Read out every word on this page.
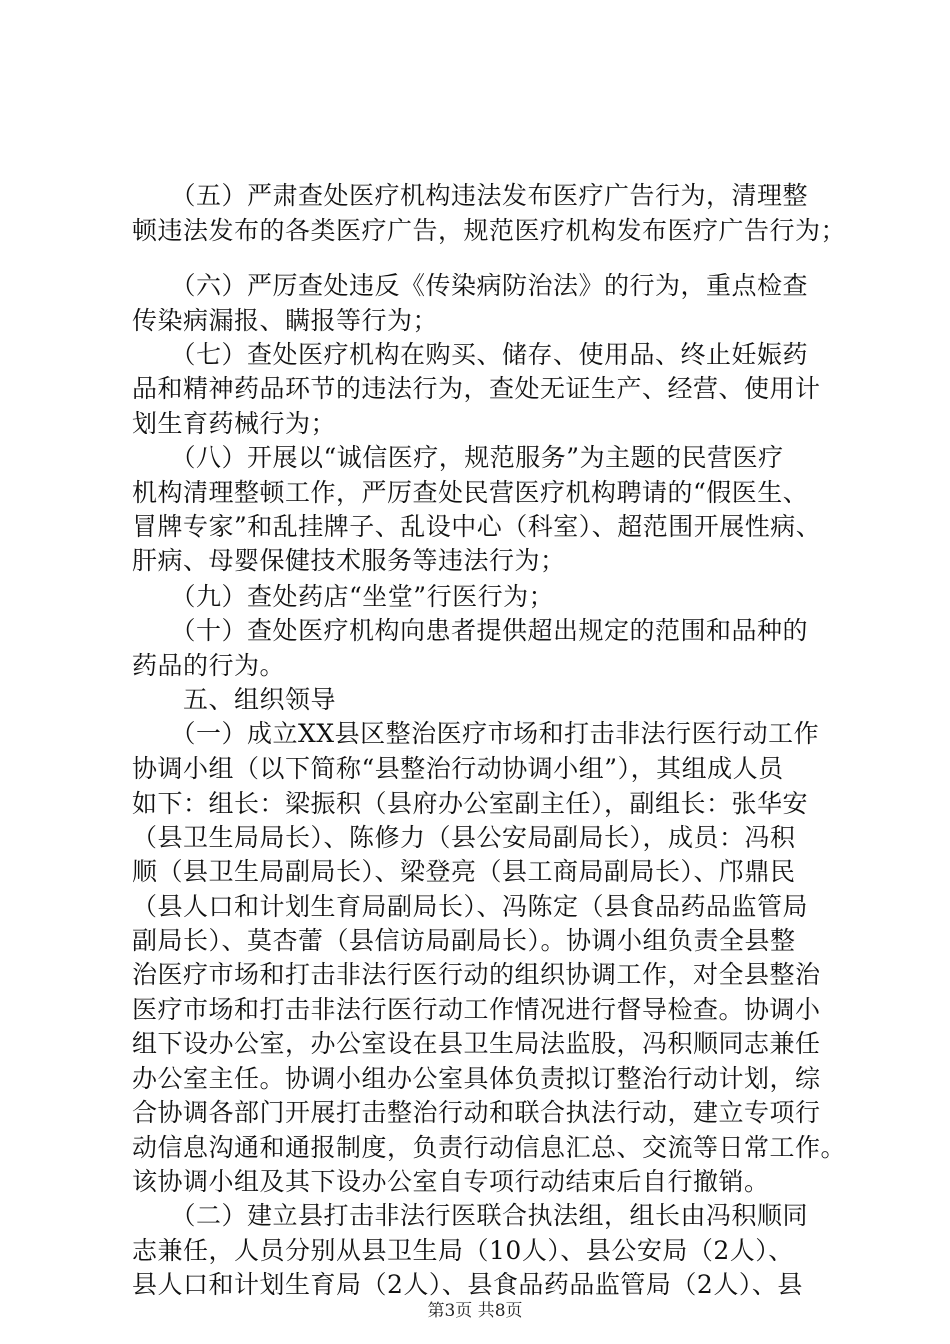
　　（五）严肃查处医疗机构违法发布医疗广告行为，清理整
顿违法发布的各类医疗广告，规范医疗机构发布医疗广告行为；
　　（六）严厉查处违反《传染病防治法》的行为，重点检查
传染病漏报、瞒报等行为；
　　（七）查处医疗机构在购买、储存、使用品、终止妊娠药
品和精神药品环节的违法行为，查处无证生产、经营、使用计
划生育药械行为；
　　（八）开展以“诚信医疗，规范服务”为主题的民营医疗
机构清理整顿工作，严厉查处民营医疗机构聘请的“假医生、
冒牌专家”和乱挂牌子、乱设中心（科室）、超范围开展性病、
肝病、母婴保健技术服务等违法行为；
　　（九）查处药店“坐堂”行医行为；
　　（十）查处医疗机构向患者提供超出规定的范围和品种的
药品的行为。
　　五、组织领导
　　（一）成立XX县区整治医疗市场和打击非法行医行动工作
协调小组（以下简称“县整治行动协调小组”），其组成人员
如下：组长：梁振积（县府办公室副主任），副组长：张华安
（县卫生局局长）、陈修力（县公安局副局长），成员：冯积
顺（县卫生局副局长）、梁登亮（县工商局副局长）、邝鼎民
（县人口和计划生育局副局长）、冯陈定（县食品药品监管局
副局长）、莫杏蕾（县信访局副局长）。协调小组负责全县整
治医疗市场和打击非法行医行动的组织协调工作，对全县整治
医疗市场和打击非法行医行动工作情况进行督导检查。协调小
组下设办公室，办公室设在县卫生局法监股，冯积顺同志兼任
办公室主任。协调小组办公室具体负责拟订整治行动计划，综
合协调各部门开展打击整治行动和联合执法行动，建立专项行
动信息沟通和通报制度，负责行动信息汇总、交流等日常工作。
该协调小组及其下设办公室自专项行动结束后自行撤销。
　　（二）建立县打击非法行医联合执法组，组长由冯积顺同
志兼任，人员分别从县卫生局（10人）、县公安局（2人）、
县人口和计划生育局（2人）、县食品药品监管局（2人）、县
第3页 共8页
